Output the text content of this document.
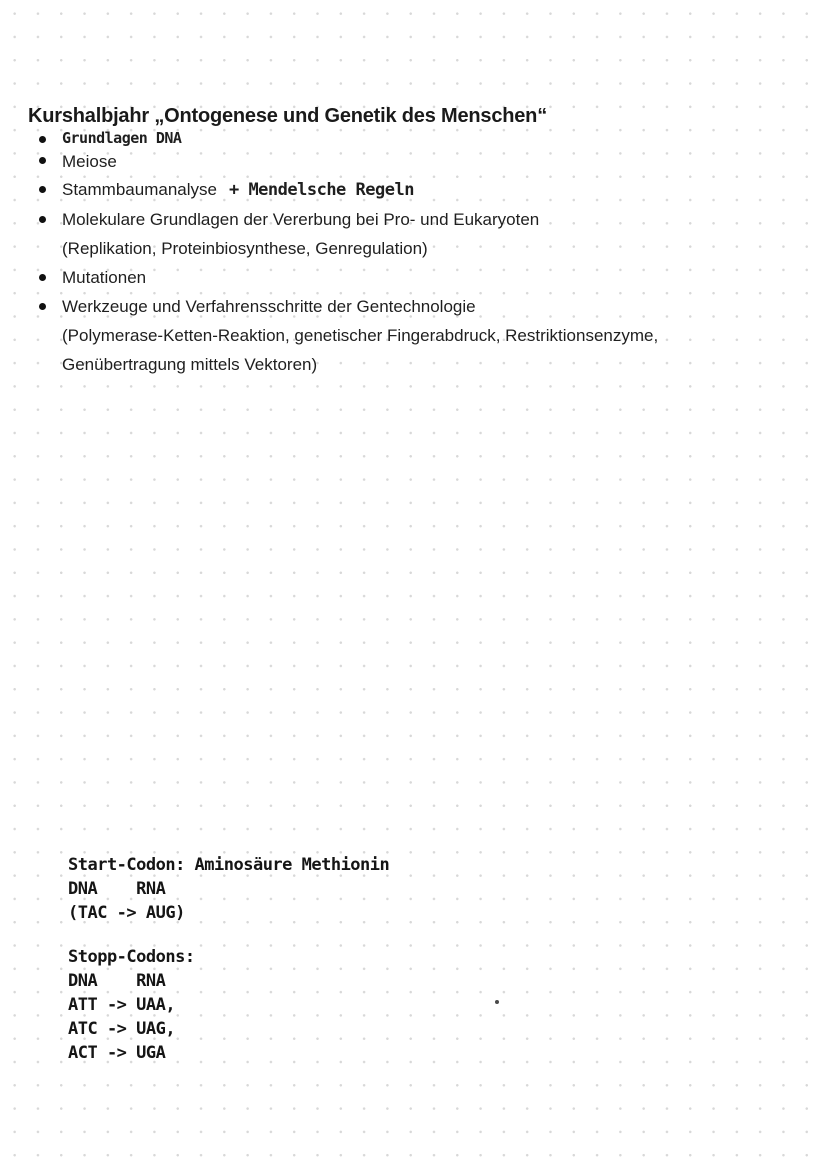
Kurshalbjahr „Ontogenese und Genetik des Menschen“
Grundlagen DNA
Meiose
Stammbaumanalyse + Mendelsche Regeln
Molekulare Grundlagen der Vererbung bei Pro- und Eukaryoten
(Replikation, Proteinbiosynthese, Genregulation)
Mutationen
Werkzeuge und Verfahrensschritte der Gentechnologie
(Polymerase-Ketten-Reaktion, genetischer Fingerabdruck, Restriktionsenzyme,
Genübertragung mittels Vektoren)
Start-Codon: Aminosäure Methionin
DNA    RNA
(TAC -> AUG)
Stopp-Codons:
DNA    RNA
ATT -> UAA,
ATC -> UAG,
ACT -> UGA
